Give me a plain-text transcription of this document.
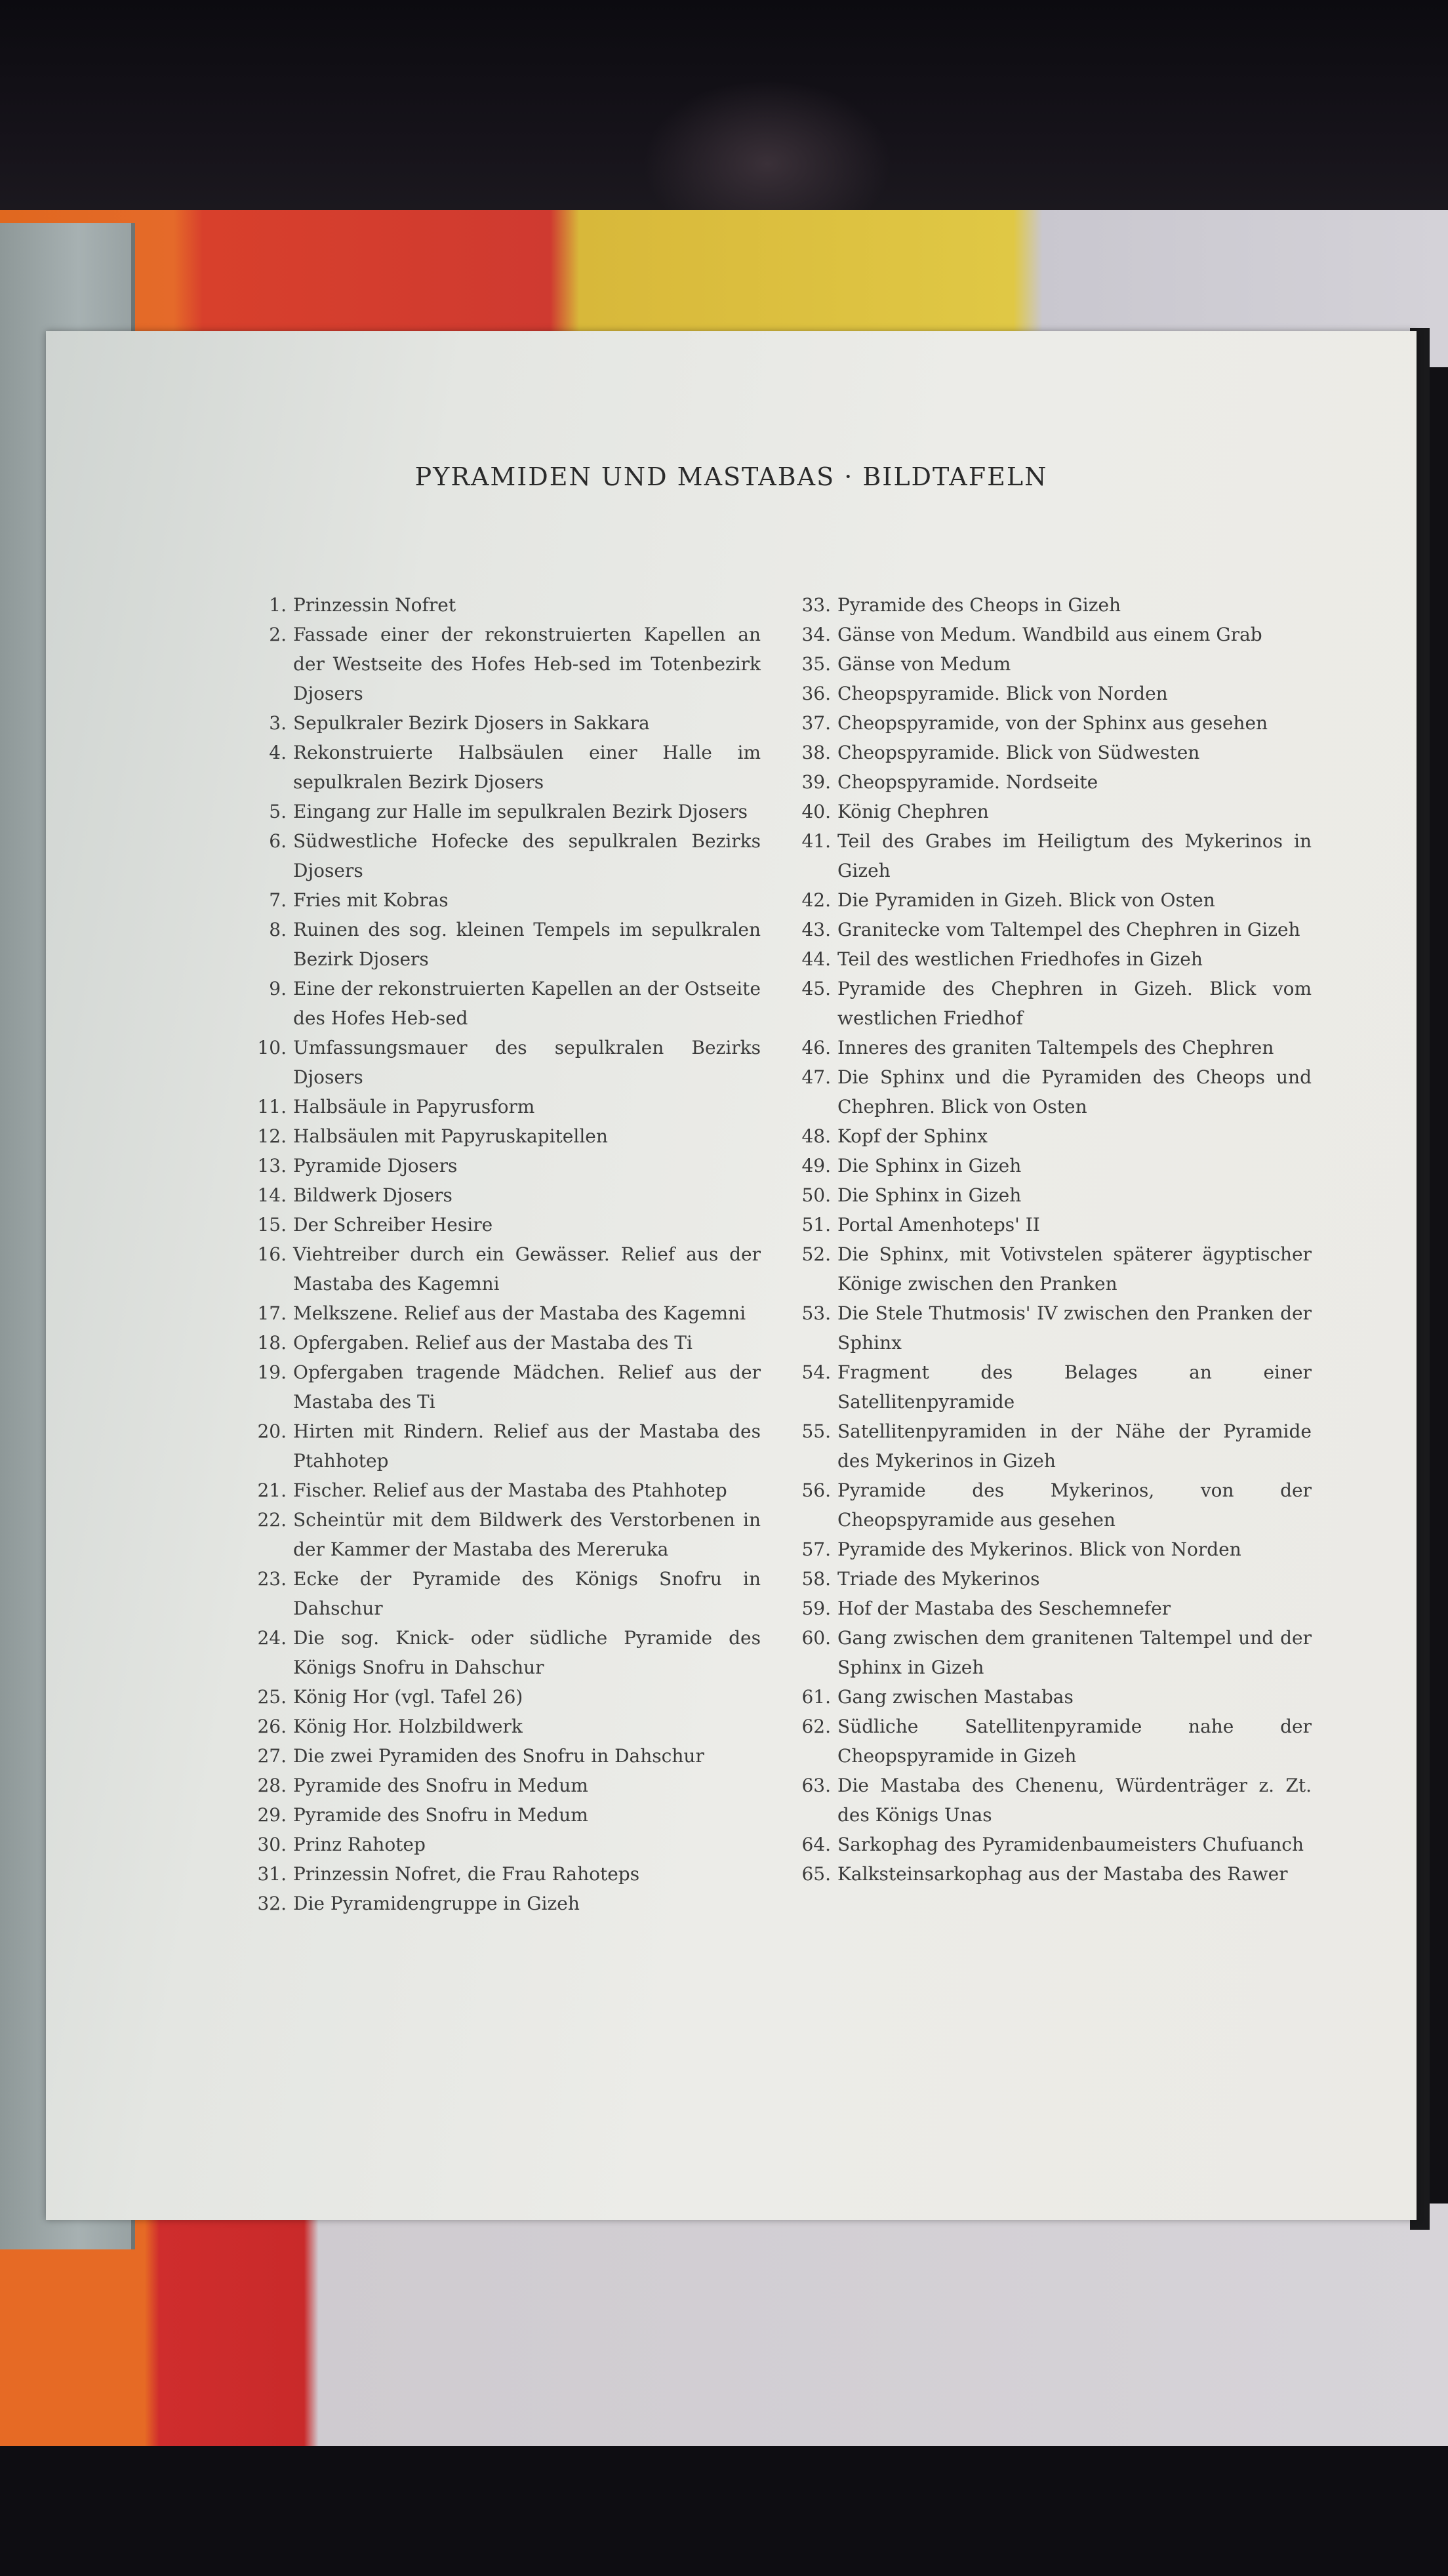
PYRAMIDEN UND MASTABAS · BILDTAFELN
1. Prinzessin Nofret
2. Fassade einer der rekonstruierten Kapellen an der Westseite des Hofes Heb-sed im Totenbezirk Djosers
3. Sepulkraler Bezirk Djosers in Sakkara
4. Rekonstruierte Halbsäulen einer Halle im sepulkralen Bezirk Djosers
5. Eingang zur Halle im sepulkralen Bezirk Djosers
6. Südwestliche Hofecke des sepulkralen Bezirks Djosers
7. Fries mit Kobras
8. Ruinen des sog. kleinen Tempels im sepulkralen Bezirk Djosers
9. Eine der rekonstruierten Kapellen an der Ostseite des Hofes Heb-sed
10. Umfassungsmauer des sepulkralen Bezirks Djosers
11. Halbsäule in Papyrusform
12. Halbsäulen mit Papyruskapitellen
13. Pyramide Djosers
14. Bildwerk Djosers
15. Der Schreiber Hesire
16. Viehtreiber durch ein Gewässer. Relief aus der Mastaba des Kagemni
17. Melkszene. Relief aus der Mastaba des Kagemni
18. Opfergaben. Relief aus der Mastaba des Ti
19. Opfergaben tragende Mädchen. Relief aus der Mastaba des Ti
20. Hirten mit Rindern. Relief aus der Mastaba des Ptahhotep
21. Fischer. Relief aus der Mastaba des Ptahhotep
22. Scheintür mit dem Bildwerk des Verstorbenen in der Kammer der Mastaba des Mereruka
23. Ecke der Pyramide des Königs Snofru in Dahschur
24. Die sog. Knick- oder südliche Pyramide des Königs Snofru in Dahschur
25. König Hor (vgl. Tafel 26)
26. König Hor. Holzbildwerk
27. Die zwei Pyramiden des Snofru in Dahschur
28. Pyramide des Snofru in Medum
29. Pyramide des Snofru in Medum
30. Prinz Rahotep
31. Prinzessin Nofret, die Frau Rahoteps
32. Die Pyramidengruppe in Gizeh
33. Pyramide des Cheops in Gizeh
34. Gänse von Medum. Wandbild aus einem Grab
35. Gänse von Medum
36. Cheopspyramide. Blick von Norden
37. Cheopspyramide, von der Sphinx aus gesehen
38. Cheopspyramide. Blick von Südwesten
39. Cheopspyramide. Nordseite
40. König Chephren
41. Teil des Grabes im Heiligtum des Mykerinos in Gizeh
42. Die Pyramiden in Gizeh. Blick von Osten
43. Granitecke vom Taltempel des Chephren in Gizeh
44. Teil des westlichen Friedhofes in Gizeh
45. Pyramide des Chephren in Gizeh. Blick vom westlichen Friedhof
46. Inneres des graniten Taltempels des Chephren
47. Die Sphinx und die Pyramiden des Cheops und Chephren. Blick von Osten
48. Kopf der Sphinx
49. Die Sphinx in Gizeh
50. Die Sphinx in Gizeh
51. Portal Amenhoteps' II
52. Die Sphinx, mit Votivstelen späterer ägyptischer Könige zwischen den Pranken
53. Die Stele Thutmosis' IV zwischen den Pranken der Sphinx
54. Fragment des Belages an einer Satellitenpyramide
55. Satellitenpyramiden in der Nähe der Pyramide des Mykerinos in Gizeh
56. Pyramide des Mykerinos, von der Cheopspyramide aus gesehen
57. Pyramide des Mykerinos. Blick von Norden
58. Triade des Mykerinos
59. Hof der Mastaba des Seschemnefer
60. Gang zwischen dem granitenen Taltempel und der Sphinx in Gizeh
61. Gang zwischen Mastabas
62. Südliche Satellitenpyramide nahe der Cheopspyramide in Gizeh
63. Die Mastaba des Chenenu, Würdenträger z. Zt. des Königs Unas
64. Sarkophag des Pyramidenbaumeisters Chufuanch
65. Kalksteinsarkophag aus der Mastaba des Rawer
